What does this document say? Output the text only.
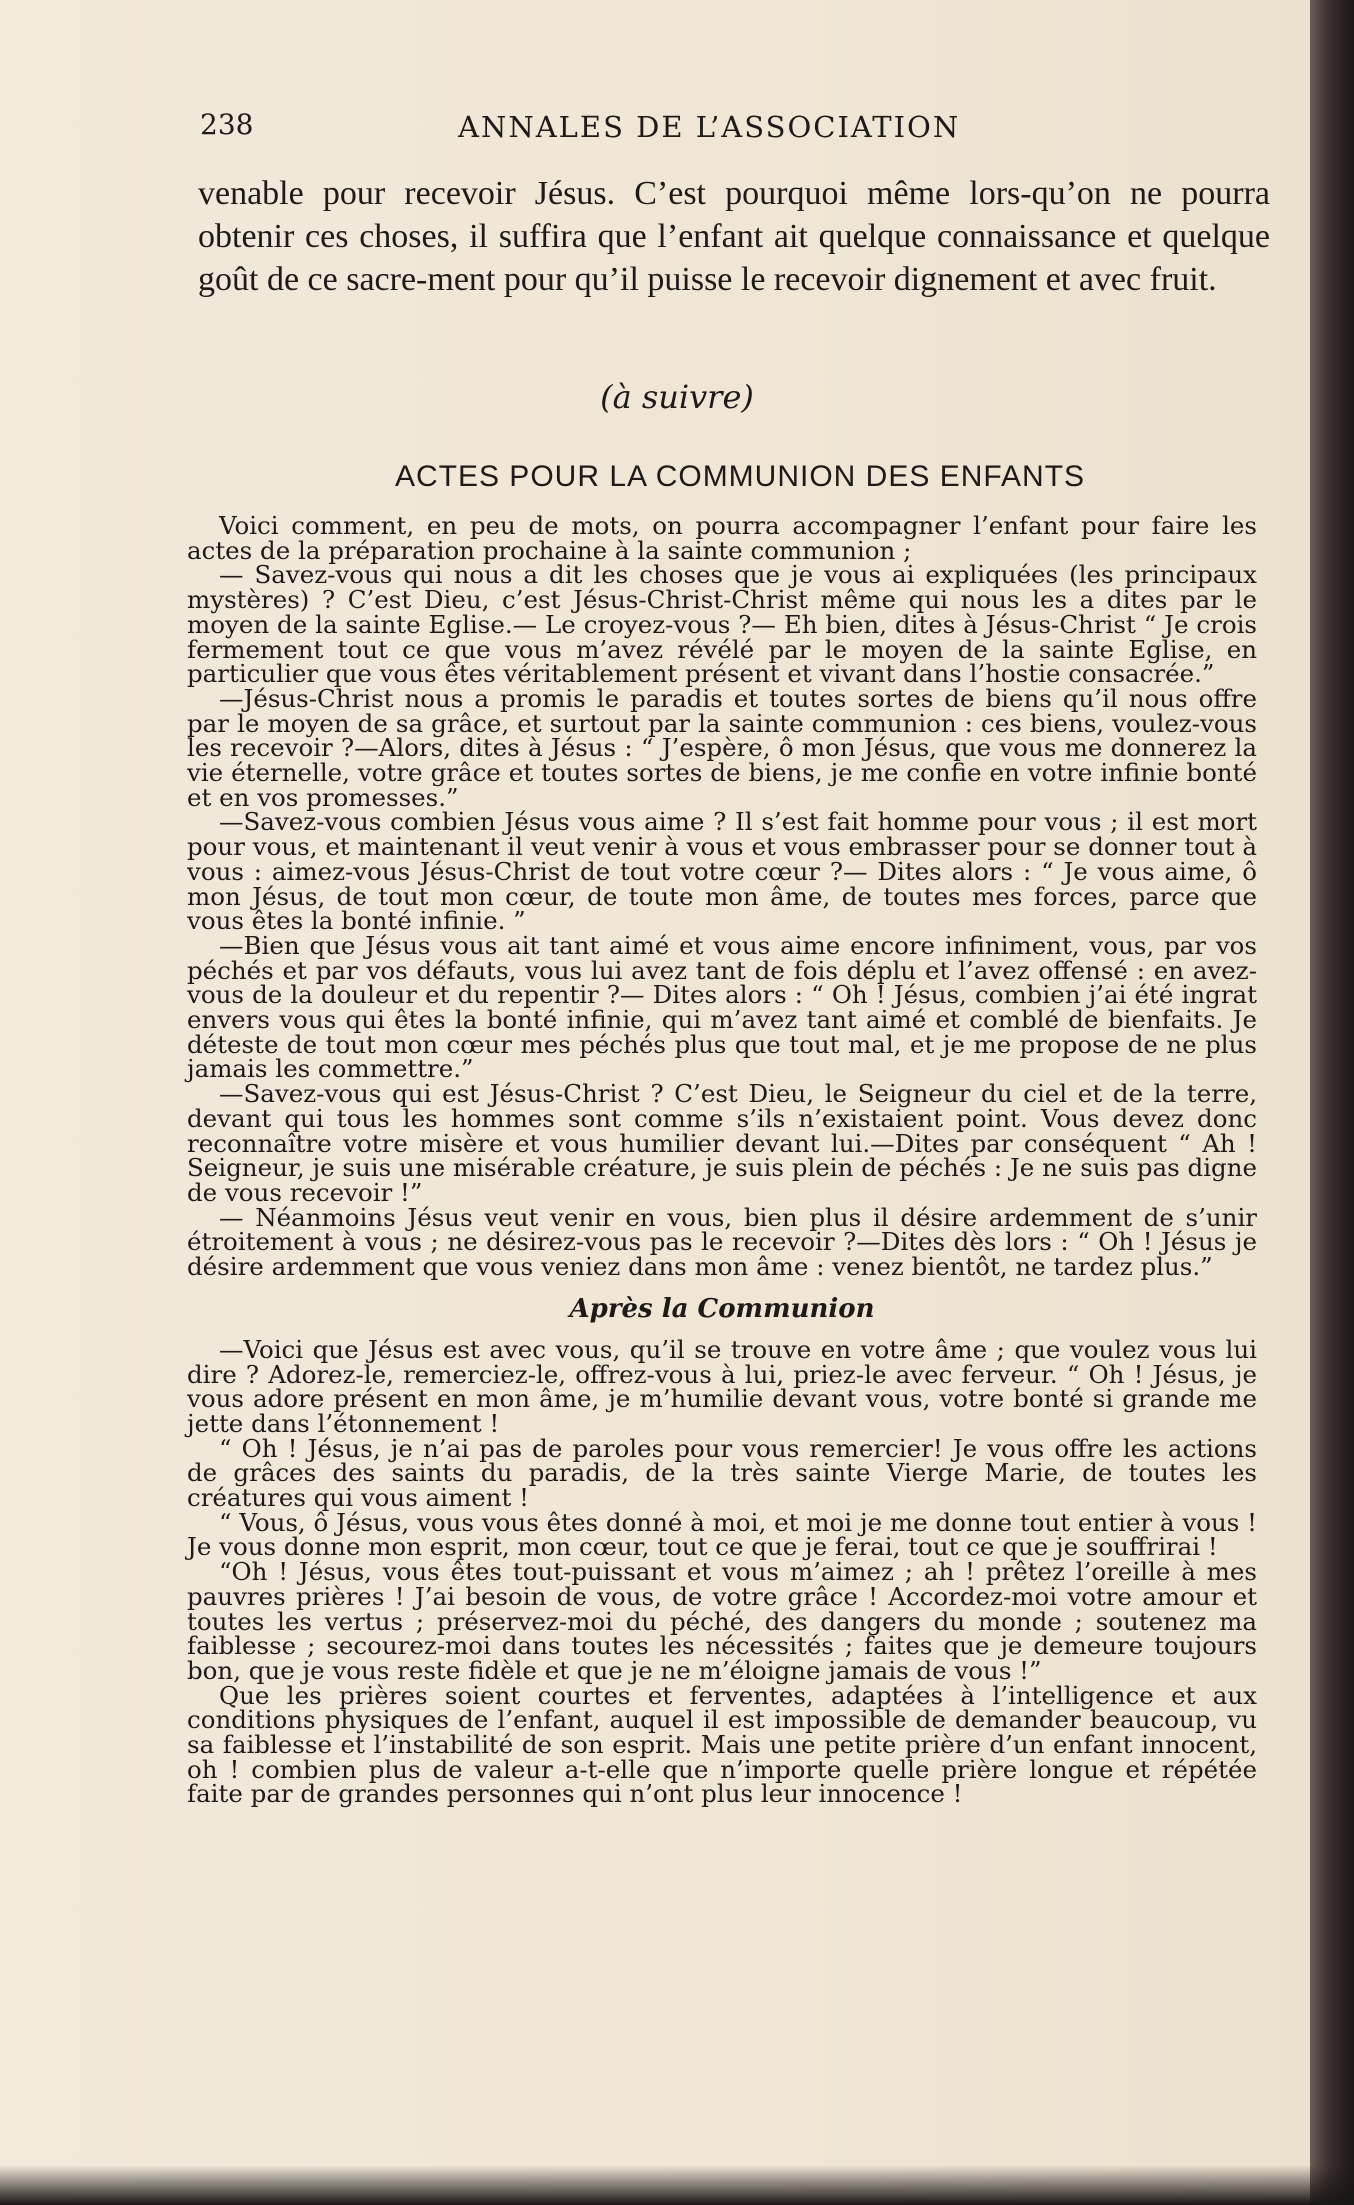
238	ANNALES DE L’ASSOCIATION
venable pour recevoir Jésus. C’est pourquoi même lors-qu’on ne pourra obtenir ces choses, il suffira que l’enfant ait quelque connaissance et quelque goût de ce sacre-ment pour qu’il puisse le recevoir dignement et avec fruit.
(à suivre)
ACTES POUR LA COMMUNION DES ENFANTS

Voici comment, en peu de mots, on pourra accompagner l’enfant pour faire les actes de la préparation prochaine à la sainte communion ;

— Savez-vous qui nous a dit les choses que je vous ai expliquées (les principaux mystères) ? C’est Dieu, c’est Jésus-Christ-Christ même qui nous les a dites par le moyen de la sainte Eglise.— Le croyez-vous ?— Eh bien, dites à Jésus-Christ “ Je crois fermement tout ce que vous m’avez révélé par le moyen de la sainte Eglise, en particulier que vous êtes véritablement présent et vivant dans l’hostie consacrée.”

—Jésus-Christ nous a promis le paradis et toutes sortes de biens qu’il nous offre par le moyen de sa grâce, et surtout par la sainte communion : ces biens, voulez-vous les recevoir ?—Alors, dites à Jésus : “ J’espère, ô mon Jésus, que vous me donnerez la vie éternelle, votre grâce et toutes sortes de biens, je me confie en votre infinie bonté et en vos promesses.”

—Savez-vous combien Jésus vous aime ? Il s’est fait homme pour vous ; il est mort pour vous, et maintenant il veut venir à vous et vous embrasser pour se donner tout à vous : aimez-vous Jésus-Christ de tout votre cœur ?— Dites alors : “ Je vous aime, ô mon Jésus, de tout mon cœur, de toute mon âme, de toutes mes forces, parce que vous êtes la bonté infinie. ”

—Bien que Jésus vous ait tant aimé et vous aime encore infiniment, vous, par vos péchés et par vos défauts, vous lui avez tant de fois déplu et l’avez offensé : en avez-vous de la douleur et du repentir ?— Dites alors : “ Oh ! Jésus, combien j’ai été ingrat envers vous qui êtes la bonté infinie, qui m’avez tant aimé et comblé de bienfaits. Je déteste de tout mon cœur mes péchés plus que tout mal, et je me propose de ne plus jamais les commettre.”

—Savez-vous qui est Jésus-Christ ? C’est Dieu, le Seigneur du ciel et de la terre, devant qui tous les hommes sont comme s’ils n’existaient point. Vous devez donc reconnaître votre misère et vous humilier devant lui.—Dites par conséquent “ Ah ! Seigneur, je suis une misérable créature, je suis plein de péchés : Je ne suis pas digne de vous recevoir !”

— Néanmoins Jésus veut venir en vous, bien plus il désire ardemment de s’unir étroitement à vous ; ne désirez-vous pas le recevoir ?—Dites dès lors : “ Oh ! Jésus je désire ardemment que vous veniez dans mon âme : venez bientôt, ne tardez plus.”

Après la Communion

—Voici que Jésus est avec vous, qu’il se trouve en votre âme ; que voulez vous lui dire ? Adorez-le, remerciez-le, offrez-vous à lui, priez-le avec ferveur. “ Oh ! Jésus, je vous adore présent en mon âme, je m’humilie devant vous, votre bonté si grande me jette dans l’étonnement !

“ Oh ! Jésus, je n’ai pas de paroles pour vous remercier! Je vous offre les actions de grâces des saints du paradis, de la très sainte Vierge Marie, de toutes les créatures qui vous aiment !

“ Vous, ô Jésus, vous vous êtes donné à moi, et moi je me donne tout entier à vous ! Je vous donne mon esprit, mon cœur, tout ce que je ferai, tout ce que je souffrirai !

“Oh ! Jésus, vous êtes tout-puissant et vous m’aimez ; ah ! prêtez l’oreille à mes pauvres prières ! J’ai besoin de vous, de votre grâce ! Accordez-moi votre amour et toutes les vertus ; préservez-moi du péché, des dangers du monde ; soutenez ma faiblesse ; secourez-moi dans toutes les nécessités ; faites que je demeure toujours bon, que je vous reste fidèle et que je ne m’éloigne jamais de vous !”

Que les prières soient courtes et ferventes, adaptées à l’intelligence et aux conditions physiques de l’enfant, auquel il est impossible de demander beaucoup, vu sa faiblesse et l’instabilité de son esprit. Mais une petite prière d’un enfant innocent, oh ! combien plus de valeur a-t-elle que n’importe quelle prière longue et répétée faite par de grandes personnes qui n’ont plus leur innocence !
